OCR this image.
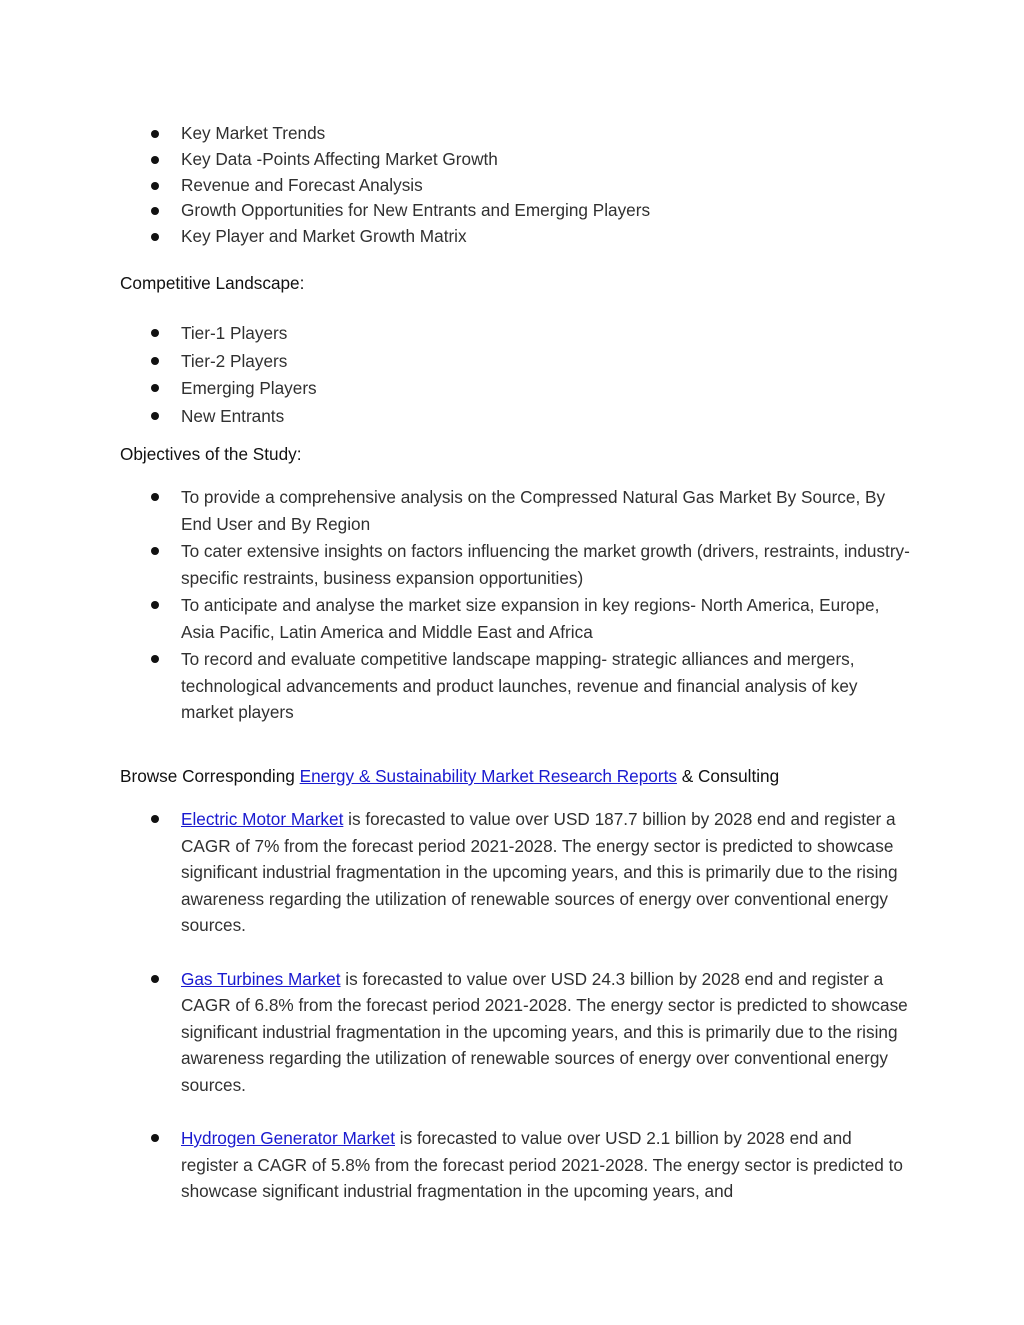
Key Market Trends
Key Data -Points Affecting Market Growth
Revenue and Forecast Analysis
Growth Opportunities for New Entrants and Emerging Players
Key Player and Market Growth Matrix
Competitive Landscape:
Tier-1 Players
Tier-2 Players
Emerging Players
New Entrants
Objectives of the Study:
To provide a comprehensive analysis on the Compressed Natural Gas Market By Source, By End User and By Region
To cater extensive insights on factors influencing the market growth (drivers, restraints, industry-specific restraints, business expansion opportunities)
To anticipate and analyse the market size expansion in key regions- North America, Europe, Asia Pacific, Latin America and Middle East and Africa
To record and evaluate competitive landscape mapping- strategic alliances and mergers, technological advancements and product launches, revenue and financial analysis of key market players
Browse Corresponding Energy & Sustainability Market Research Reports & Consulting
Electric Motor Market is forecasted to value over USD 187.7 billion by 2028 end and register a CAGR of 7% from the forecast period 2021-2028. The energy sector is predicted to showcase significant industrial fragmentation in the upcoming years, and this is primarily due to the rising awareness regarding the utilization of renewable sources of energy over conventional energy sources.
Gas Turbines Market is forecasted to value over USD 24.3 billion by 2028 end and register a CAGR of 6.8% from the forecast period 2021-2028. The energy sector is predicted to showcase significant industrial fragmentation in the upcoming years, and this is primarily due to the rising awareness regarding the utilization of renewable sources of energy over conventional energy sources.
Hydrogen Generator Market is forecasted to value over USD 2.1 billion by 2028 end and register a CAGR of 5.8% from the forecast period 2021-2028. The energy sector is predicted to showcase significant industrial fragmentation in the upcoming years, and
